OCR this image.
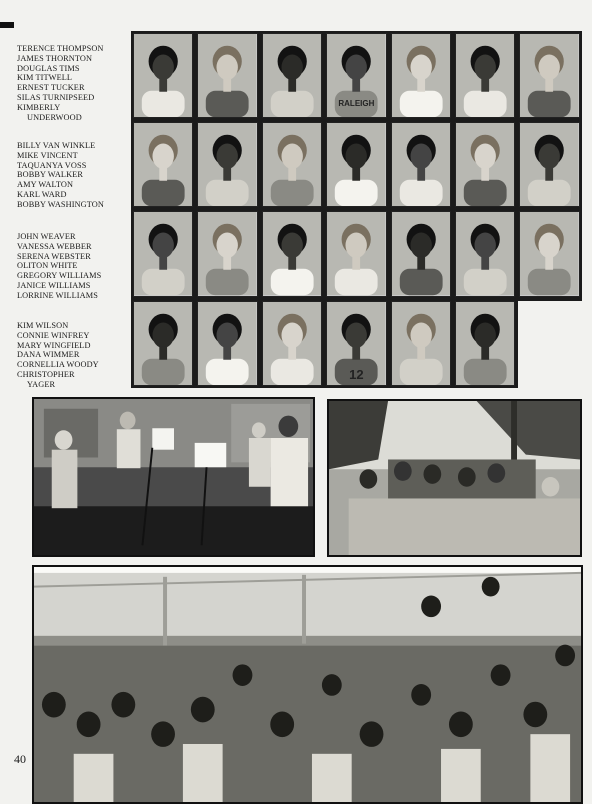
TERENCE THOMPSON
JAMES THORNTON
DOUGLAS TIMS
KIM TITWELL
ERNEST TUCKER
SILAS TURNIPSEED
KIMBERLY
UNDERWOOD
BILLY VAN WINKLE
MIKE VINCENT
TAQUANYA VOSS
BOBBY WALKER
AMY WALTON
KARL WARD
BOBBY WASHINGTON
JOHN WEAVER
VANESSA WEBBER
SERENA WEBSTER
OLITON WHITE
GREGORY WILLIAMS
JANICE WILLIAMS
LORRINE WILLIAMS
KIM WILSON
CONNIE WINFREY
MARY WINGFIELD
DANA WIMMER
CORNELLIA WOODY
CHRISTOPHER
YAGER
RALEIGH
12
40
